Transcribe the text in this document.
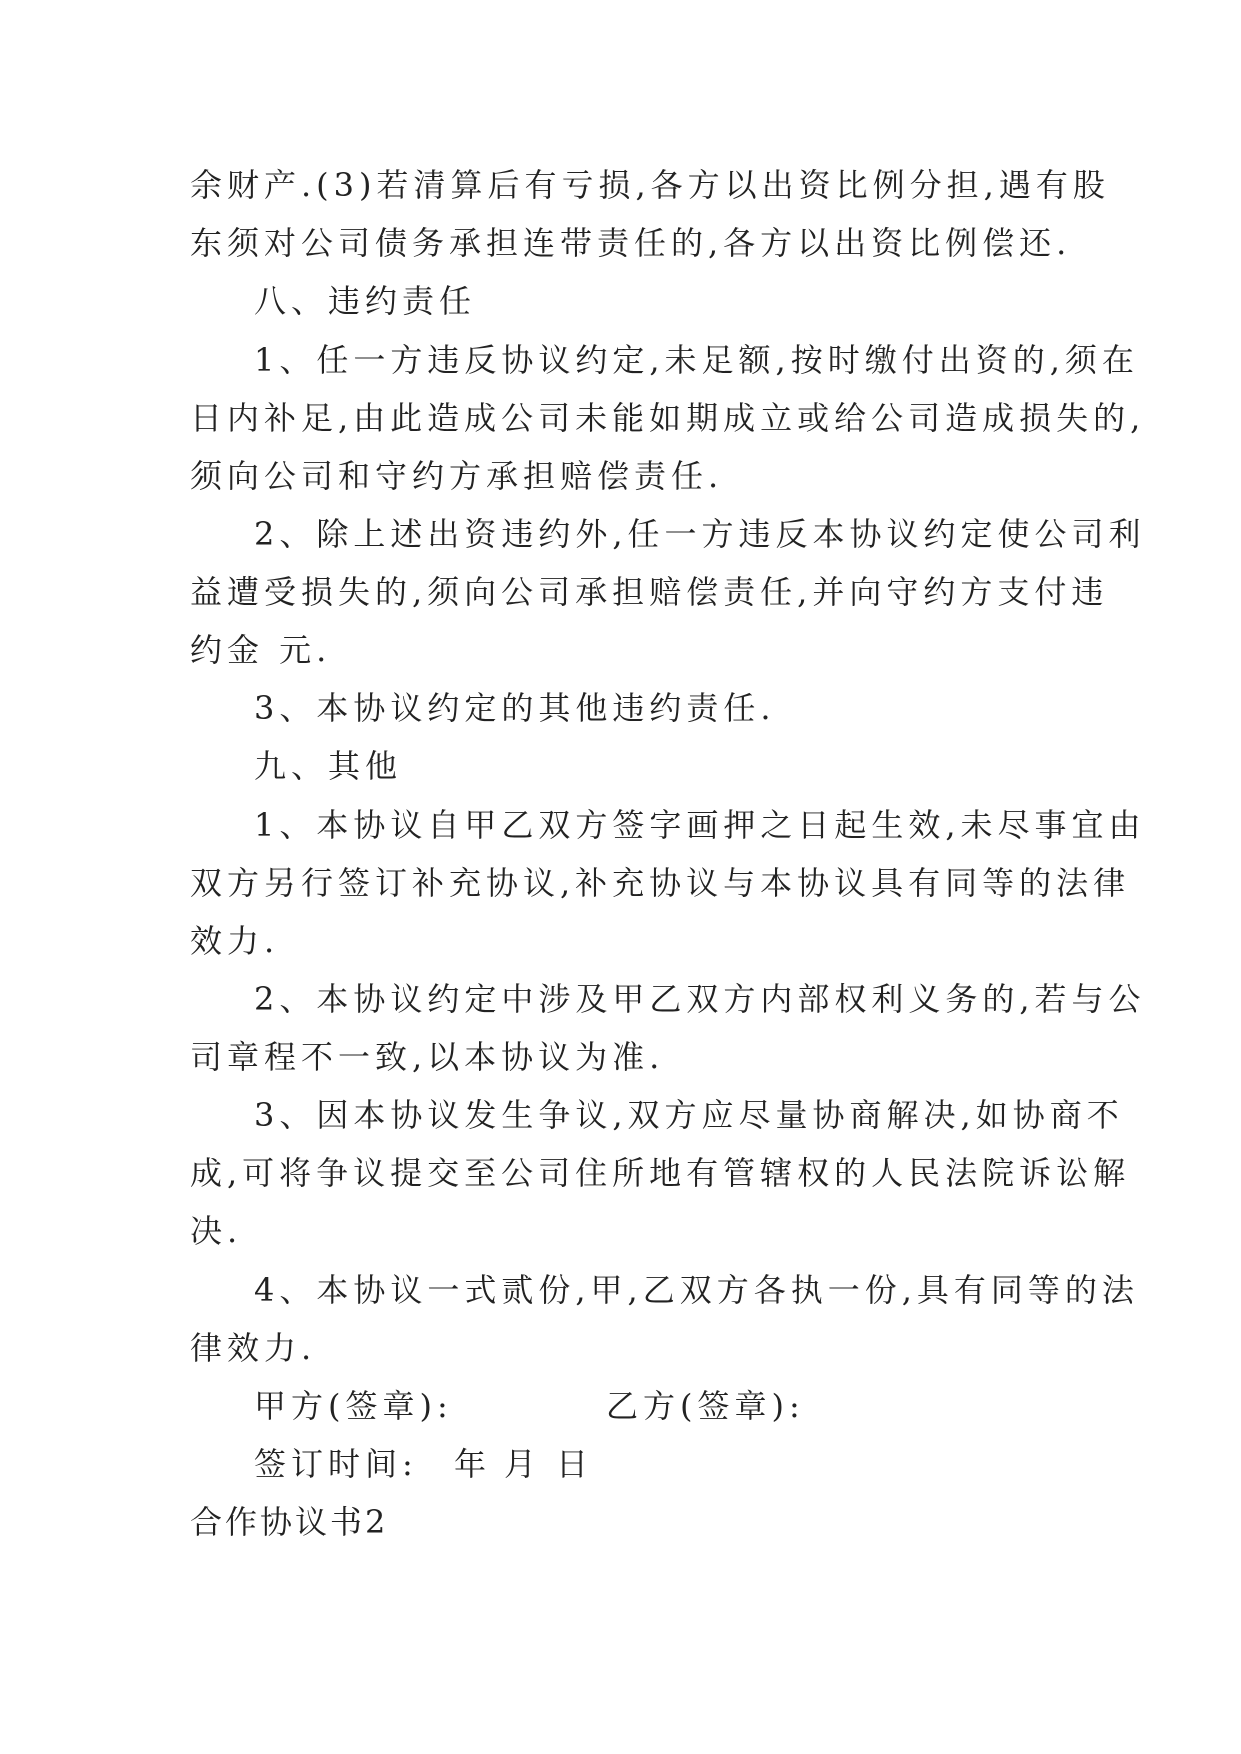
余财产.(3)若清算后有亏损,各方以出资比例分担,遇有股
东须对公司债务承担连带责任的,各方以出资比例偿还.
八、违约责任
1、任一方违反协议约定,未足额,按时缴付出资的,须在
日内补足,由此造成公司未能如期成立或给公司造成损失的,
须向公司和守约方承担赔偿责任.
2、除上述出资违约外,任一方违反本协议约定使公司利
益遭受损失的,须向公司承担赔偿责任,并向守约方支付违
约金 元.
3、本协议约定的其他违约责任.
九、其他
1、本协议自甲乙双方签字画押之日起生效,未尽事宜由
双方另行签订补充协议,补充协议与本协议具有同等的法律
效力.
2、本协议约定中涉及甲乙双方内部权利义务的,若与公
司章程不一致,以本协议为准.
3、因本协议发生争议,双方应尽量协商解决,如协商不
成,可将争议提交至公司住所地有管辖权的人民法院诉讼解
决.
4、本协议一式贰份,甲,乙双方各执一份,具有同等的法
律效力.
甲方(签章):	乙方(签章):
签订时间: 年 月 日
合作协议书2
